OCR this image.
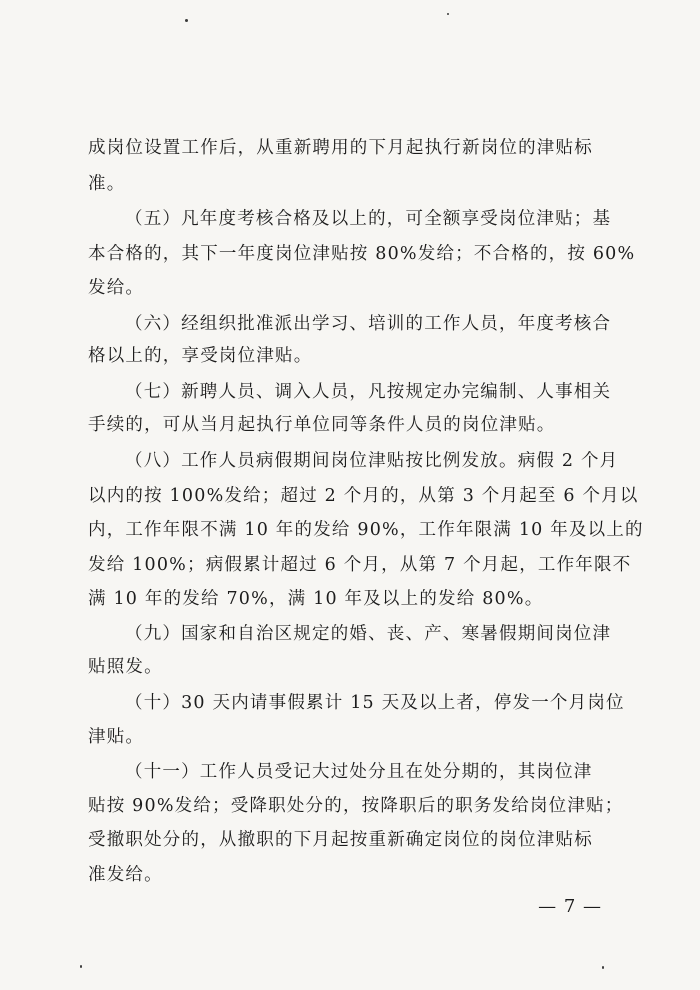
成岗位设置工作后，从重新聘用的下月起执行新岗位的津贴标
准。
（五）凡年度考核合格及以上的，可全额享受岗位津贴；基
本合格的，其下一年度岗位津贴按 80%发给；不合格的，按 60%
发给。
（六）经组织批准派出学习、培训的工作人员，年度考核合
格以上的，享受岗位津贴。
（七）新聘人员、调入人员，凡按规定办完编制、人事相关
手续的，可从当月起执行单位同等条件人员的岗位津贴。
（八）工作人员病假期间岗位津贴按比例发放。病假 2 个月
以内的按 100%发给；超过 2 个月的，从第 3 个月起至 6 个月以
内，工作年限不满 10 年的发给 90%，工作年限满 10 年及以上的
发给 100%；病假累计超过 6 个月，从第 7 个月起，工作年限不
满 10 年的发给 70%，满 10 年及以上的发给 80%。
（九）国家和自治区规定的婚、丧、产、寒暑假期间岗位津
贴照发。
（十）30 天内请事假累计 15 天及以上者，停发一个月岗位
津贴。
（十一）工作人员受记大过处分且在处分期的，其岗位津
贴按 90%发给；受降职处分的，按降职后的职务发给岗位津贴；
受撤职处分的，从撤职的下月起按重新确定岗位的岗位津贴标
准发给。
— 7 —
